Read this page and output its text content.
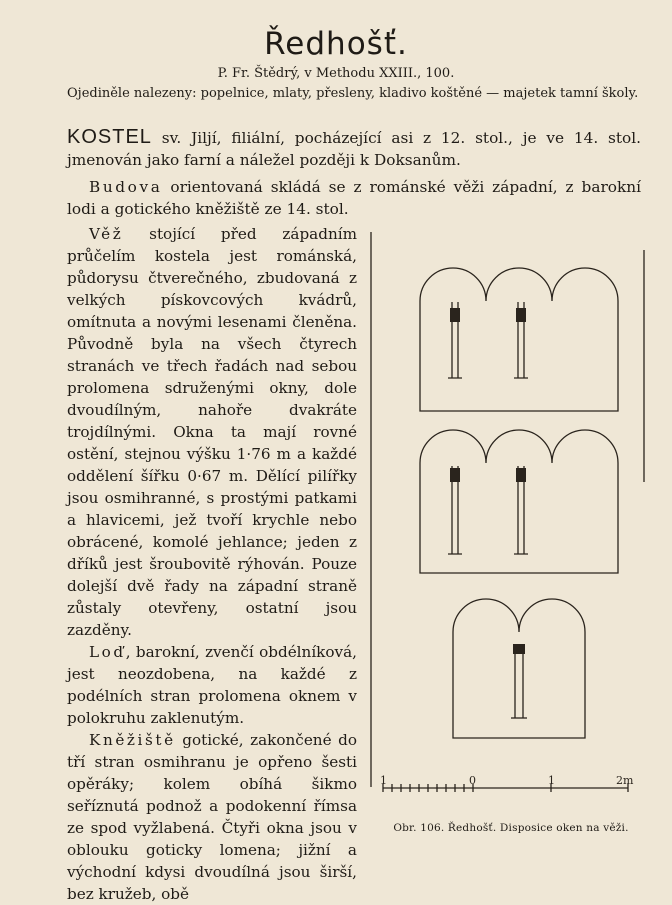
Ředhošť.
P. Fr. Štědrý, v Methodu XXIII., 100.
Ojediněle nalezeny: popelnice, mlaty, přesleny, kladivo koštěné — majetek tamní školy.
KOSTEL sv. Jiljí, filiální, pocházející asi z 12. stol., je ve 14. stol. jmenován jako farní a náležel později k Doksanům.
Budova orientovaná skládá se z románské věži západní, z barokní lodi a gotického kněžiště ze 14. stol.

Věž stojící před západním průčelím kostela jest románská, půdorysu čtverečného, zbudovaná z velkých pískovcových kvádrů, omítnuta a novými lesenami členěna. Původně byla na všech čtyrech stranách ve třech řadách nad sebou prolomena sdruženými okny, dole dvoudílným, nahoře dvakráte trojdílnými. Okna ta mají rovné ostění, stejnou výšku 1·76 m a každé oddělení šířku 0·67 m. Dělící pilířky jsou osmihranné, s prostými patkami a hlavicemi, jež tvoří krychle nebo obrácené, komolé jehlance; jeden z dříků jest šroubovitě rýhován. Pouze dolejší dvě řady na západní straně zůstaly otevřeny, ostatní jsou zazděny.

Loď, barokní, zvenčí obdélníková, jest neozdobena, na každé z podélních stran prolomena oknem v polokruhu zaklenutým.

Kněžiště gotické, zakončené do tří stran osmihranu je opřeno šesti opěráky; kolem obíhá šikmo seříznutá podnož a podokenní římsa ze spod vyžlabená. Čtyři okna jsou v oblouku goticky lomena; jižní a východní kdysi dvoudílná jsou širší, bez kružeb, obě

1	0	1	2m
Obr. 106. Ředhošť. Disposice oken na věži.
